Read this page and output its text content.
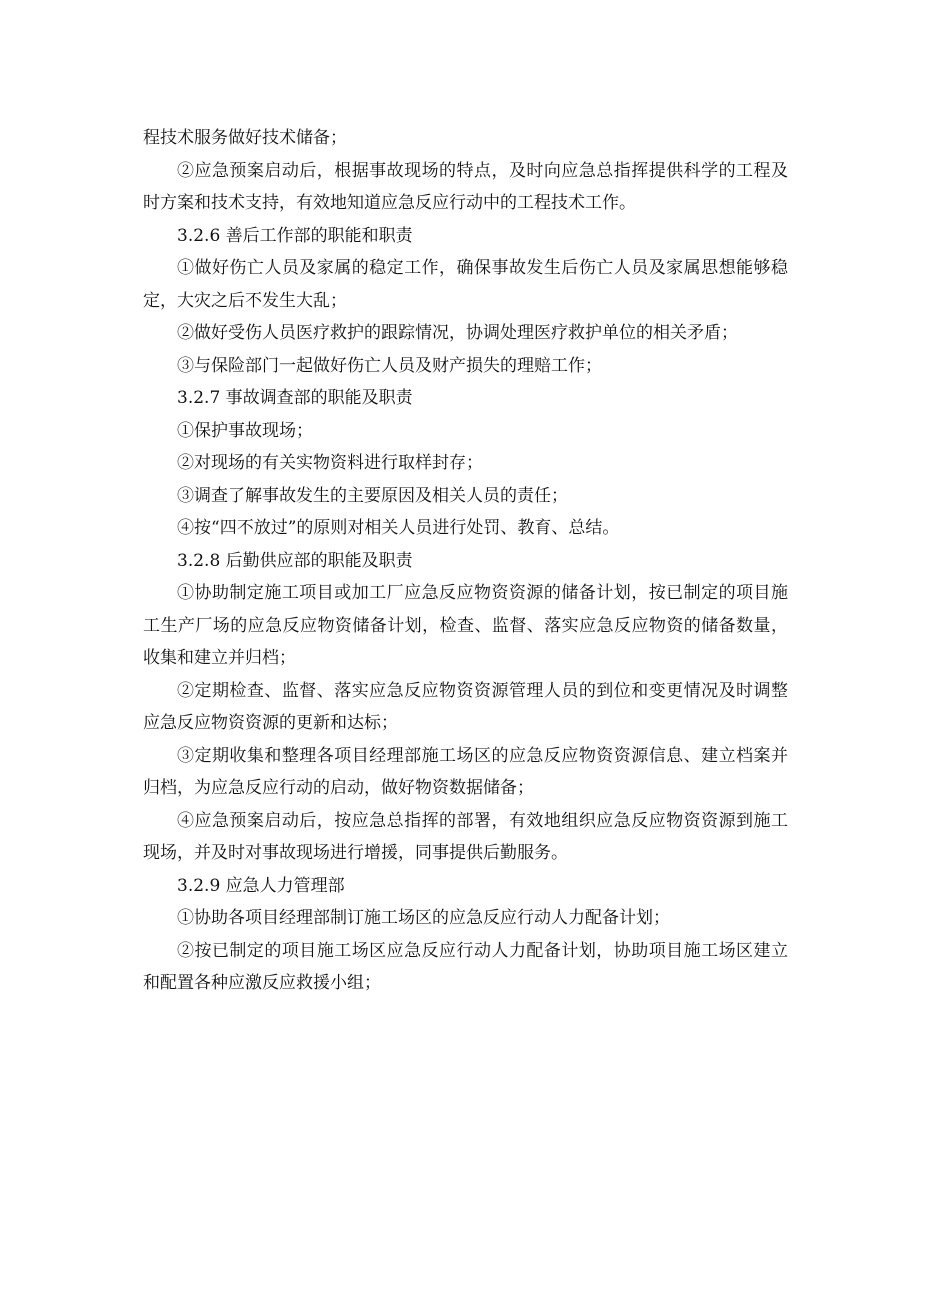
程技术服务做好技术储备；

②应急预案启动后，根据事故现场的特点，及时向应急总指挥提供科学的工程及时方案和技术支持，有效地知道应急反应行动中的工程技术工作。

3.2.6 善后工作部的职能和职责

①做好伤亡人员及家属的稳定工作，确保事故发生后伤亡人员及家属思想能够稳定，大灾之后不发生大乱；

②做好受伤人员医疗救护的跟踪情况，协调处理医疗救护单位的相关矛盾；

③与保险部门一起做好伤亡人员及财产损失的理赔工作；

3.2.7 事故调查部的职能及职责

①保护事故现场；

②对现场的有关实物资料进行取样封存；

③调查了解事故发生的主要原因及相关人员的责任；

④按“四不放过”的原则对相关人员进行处罚、教育、总结。

3.2.8 后勤供应部的职能及职责

①协助制定施工项目或加工厂应急反应物资资源的储备计划，按已制定的项目施工生产厂场的应急反应物资储备计划，检查、监督、落实应急反应物资的储备数量，收集和建立并归档；

②定期检查、监督、落实应急反应物资资源管理人员的到位和变更情况及时调整应急反应物资资源的更新和达标；

③定期收集和整理各项目经理部施工场区的应急反应物资资源信息、建立档案并归档，为应急反应行动的启动，做好物资数据储备；

④应急预案启动后，按应急总指挥的部署，有效地组织应急反应物资资源到施工现场，并及时对事故现场进行增援，同事提供后勤服务。

3.2.9 应急人力管理部

①协助各项目经理部制订施工场区的应急反应行动人力配备计划；

②按已制定的项目施工场区应急反应行动人力配备计划，协助项目施工场区建立和配置各种应激反应救援小组；
